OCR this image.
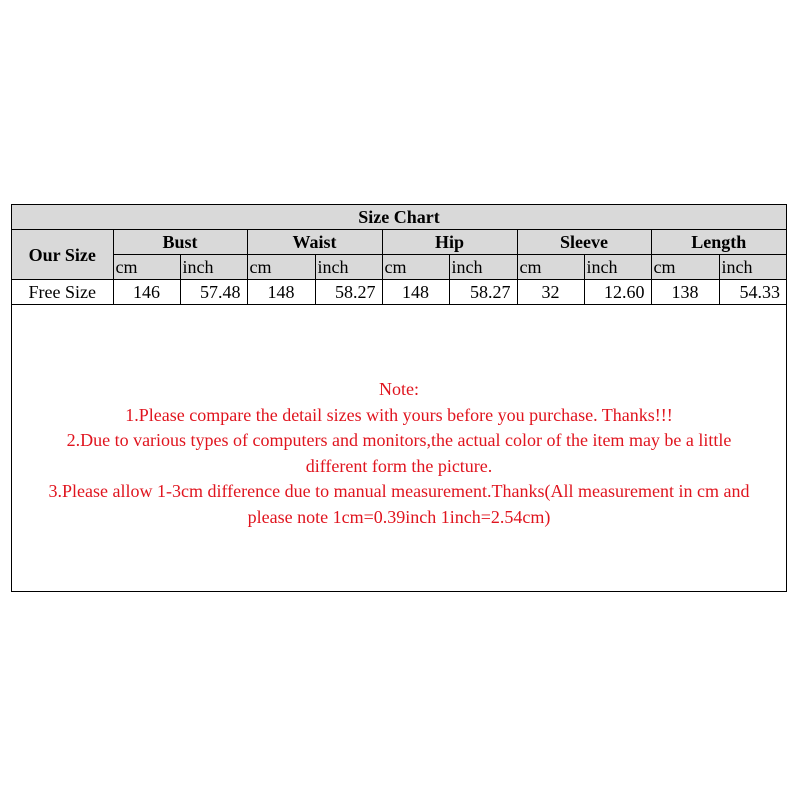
Size Chart										
Our Size	Bust		Waist		Hip		Sleeve		Length	
	cm	inch	cm	inch	cm	inch	cm	inch	cm	inch
Free Size	146	57.48	148	58.27	148	58.27	32	12.60	138	54.33
Note:
1.Please compare the detail sizes with yours before you purchase. Thanks!!!
2.Due to various types of computers and monitors,the actual color of the item may be a little
different form the picture.
3.Please allow 1-3cm difference due to manual measurement.Thanks(All measurement in cm and
please note 1cm=0.39inch 1inch=2.54cm)
